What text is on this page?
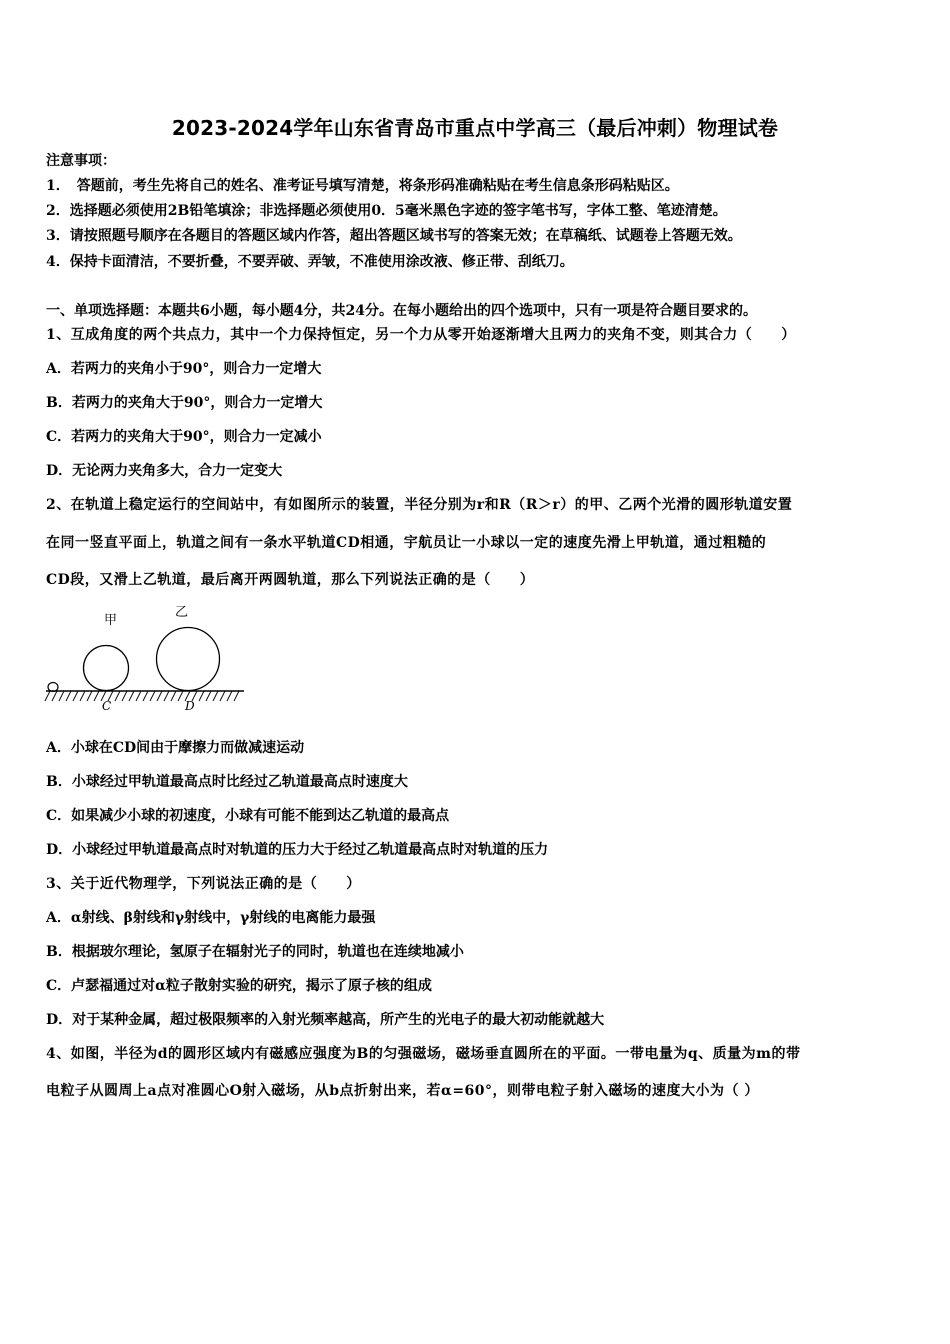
2023-2024学年山东省青岛市重点中学高三（最后冲刺）物理试卷
注意事项：
1．　答题前，考生先将自己的姓名、准考证号填写清楚，将条形码准确粘贴在考生信息条形码粘贴区。
2．选择题必须使用2B铅笔填涂；非选择题必须使用0．5毫米黑色字迹的签字笔书写，字体工整、笔迹清楚。
3．请按照题号顺序在各题目的答题区域内作答，超出答题区域书写的答案无效；在草稿纸、试题卷上答题无效。
4．保持卡面清洁，不要折叠，不要弄破、弄皱，不准使用涂改液、修正带、刮纸刀。
一、单项选择题：本题共6小题，每小题4分，共24分。在每小题给出的四个选项中，只有一项是符合题目要求的。
1、互成角度的两个共点力，其中一个力保持恒定，另一个力从零开始逐渐增大且两力的夹角不变，则其合力（　　）
A．若两力的夹角小于90°，则合力一定增大
B．若两力的夹角大于90°，则合力一定增大
C．若两力的夹角大于90°，则合力一定减小
D．无论两力夹角多大，合力一定变大
2、在轨道上稳定运行的空间站中，有如图所示的装置，半径分别为r和R（R＞r）的甲、乙两个光滑的圆形轨道安置
在同一竖直平面上，轨道之间有一条水平轨道CD相通，宇航员让一小球以一定的速度先滑上甲轨道，通过粗糙的
CD段，又滑上乙轨道，最后离开两圆轨道，那么下列说法正确的是（　　）
甲
乙
C	D
A．小球在CD间由于摩擦力而做减速运动
B．小球经过甲轨道最高点时比经过乙轨道最高点时速度大
C．如果减少小球的初速度，小球有可能不能到达乙轨道的最高点
D．小球经过甲轨道最高点时对轨道的压力大于经过乙轨道最高点时对轨道的压力
3、关于近代物理学，下列说法正确的是（　　）
A．α射线、β射线和γ射线中，γ射线的电离能力最强
B．根据玻尔理论，氢原子在辐射光子的同时，轨道也在连续地减小
C．卢瑟福通过对α粒子散射实验的研究，揭示了原子核的组成
D．对于某种金属，超过极限频率的入射光频率越高，所产生的光电子的最大初动能就越大
4、如图，半径为d的圆形区域内有磁感应强度为B的匀强磁场，磁场垂直圆所在的平面。一带电量为q、质量为m的带
电粒子从圆周上a点对准圆心O射入磁场，从b点折射出来，若α=60°，则带电粒子射入磁场的速度大小为（ ）
